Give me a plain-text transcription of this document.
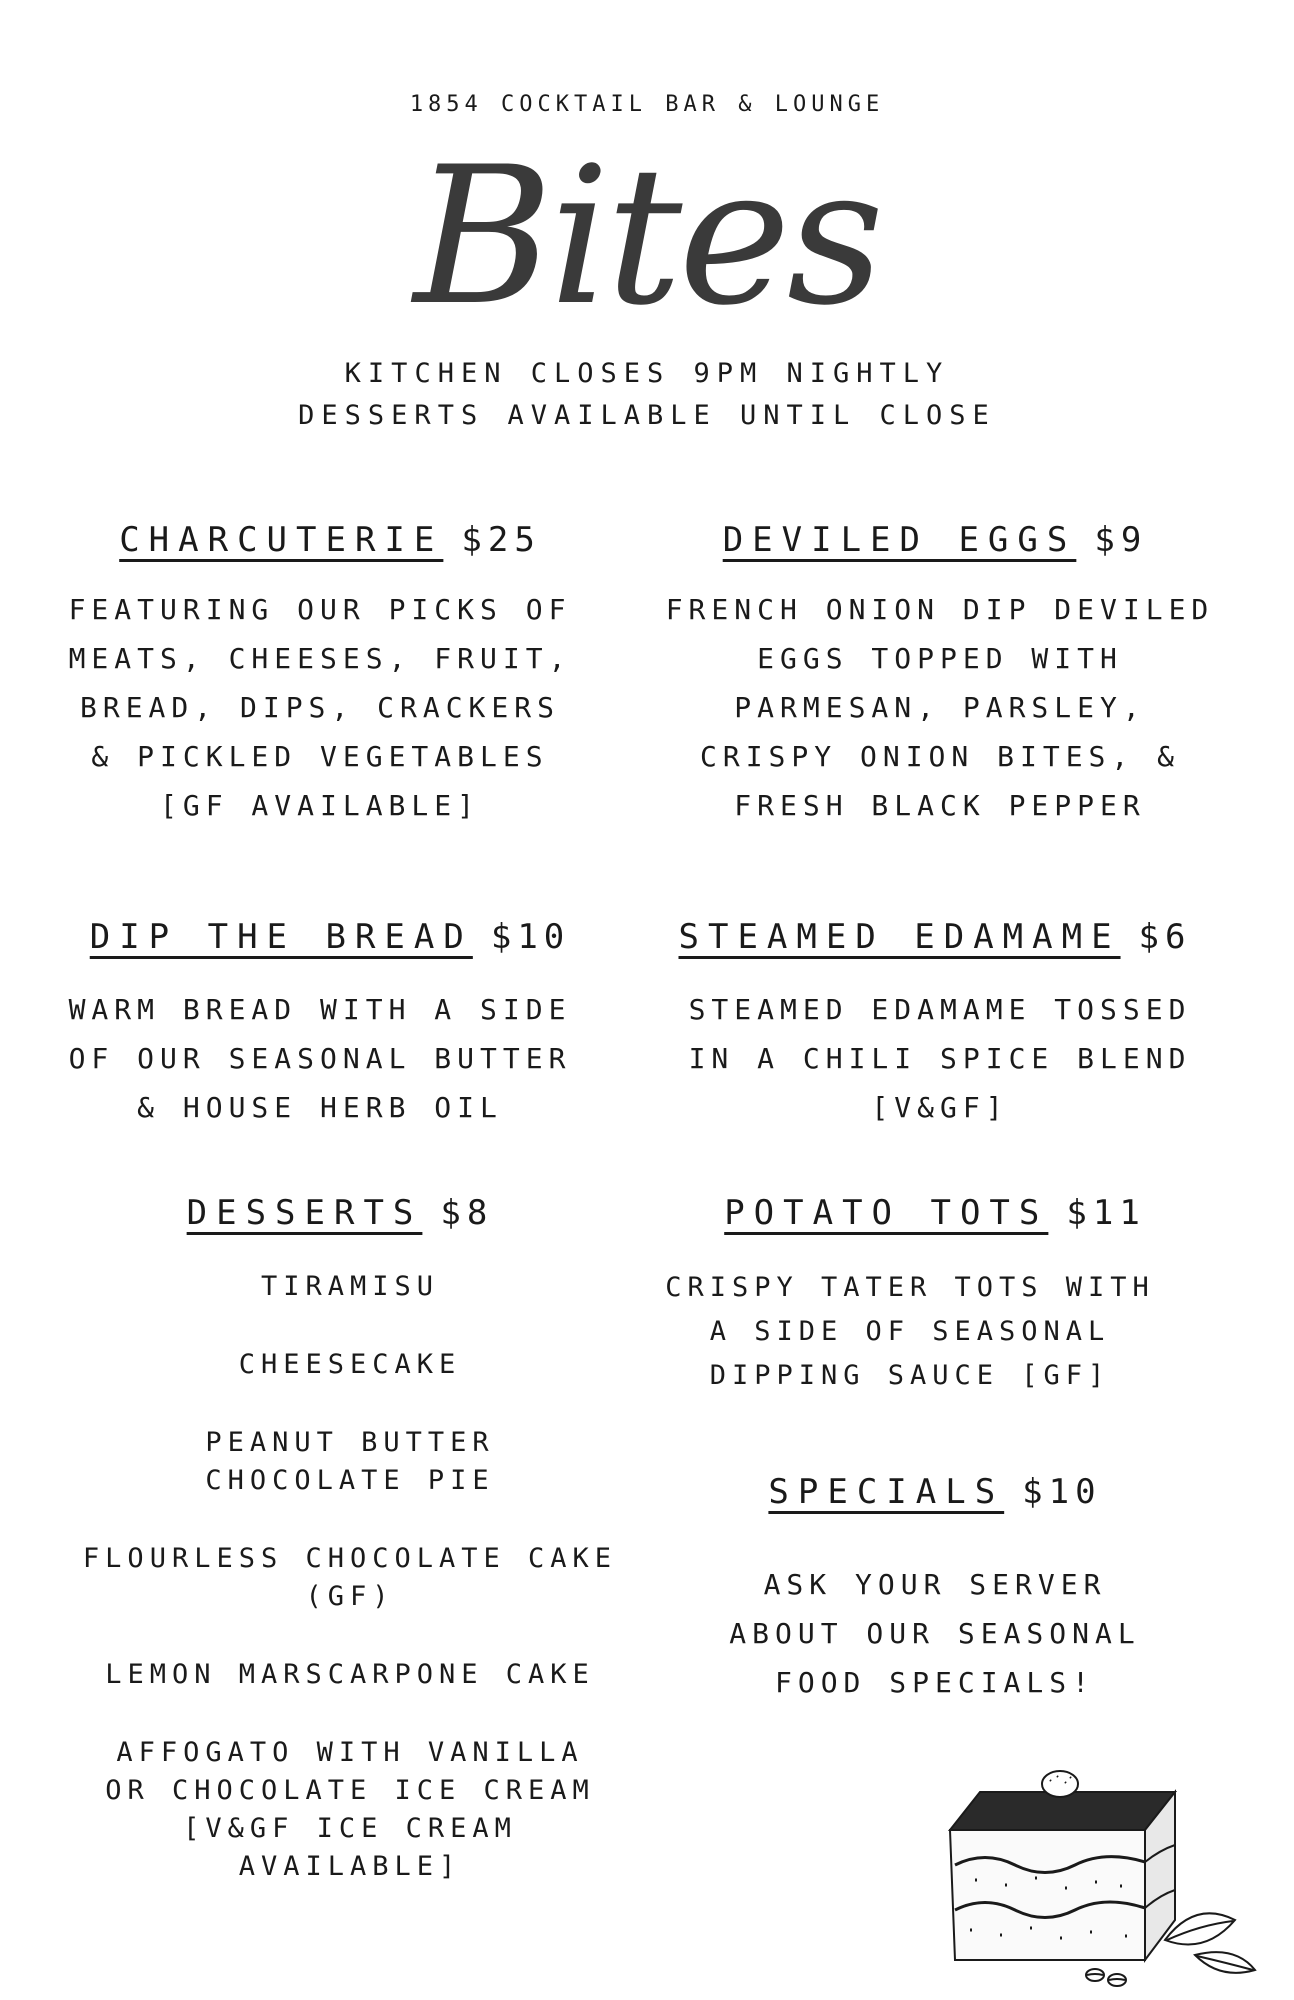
1854 COCKTAIL BAR & LOUNGE
Bites
KITCHEN CLOSES 9PM NIGHTLY
DESSERTS AVAILABLE UNTIL CLOSE
CHARCUTERIE $25
FEATURING OUR PICKS OF
MEATS, CHEESES, FRUIT,
BREAD, DIPS, CRACKERS
& PICKLED VEGETABLES
[GF AVAILABLE]
DEVILED EGGS $9
FRENCH ONION DIP DEVILED
EGGS TOPPED WITH
PARMESAN, PARSLEY,
CRISPY ONION BITES, &
FRESH BLACK PEPPER
DIP THE BREAD $10
WARM BREAD WITH A SIDE
OF OUR SEASONAL BUTTER
& HOUSE HERB OIL
STEAMED EDAMAME $6
STEAMED EDAMAME TOSSED
IN A CHILI SPICE BLEND
[V&GF]
DESSERTS $8
TIRAMISU
CHEESECAKE
PEANUT BUTTER
CHOCOLATE PIE
FLOURLESS CHOCOLATE CAKE
(GF)
LEMON MARSCARPONE CAKE
AFFOGATO WITH VANILLA
OR CHOCOLATE ICE CREAM
[V&GF ICE CREAM
AVAILABLE]
POTATO TOTS $11
CRISPY TATER TOTS WITH
A SIDE OF SEASONAL
DIPPING SAUCE [GF]
SPECIALS $10
ASK YOUR SERVER
ABOUT OUR SEASONAL
FOOD SPECIALS!
